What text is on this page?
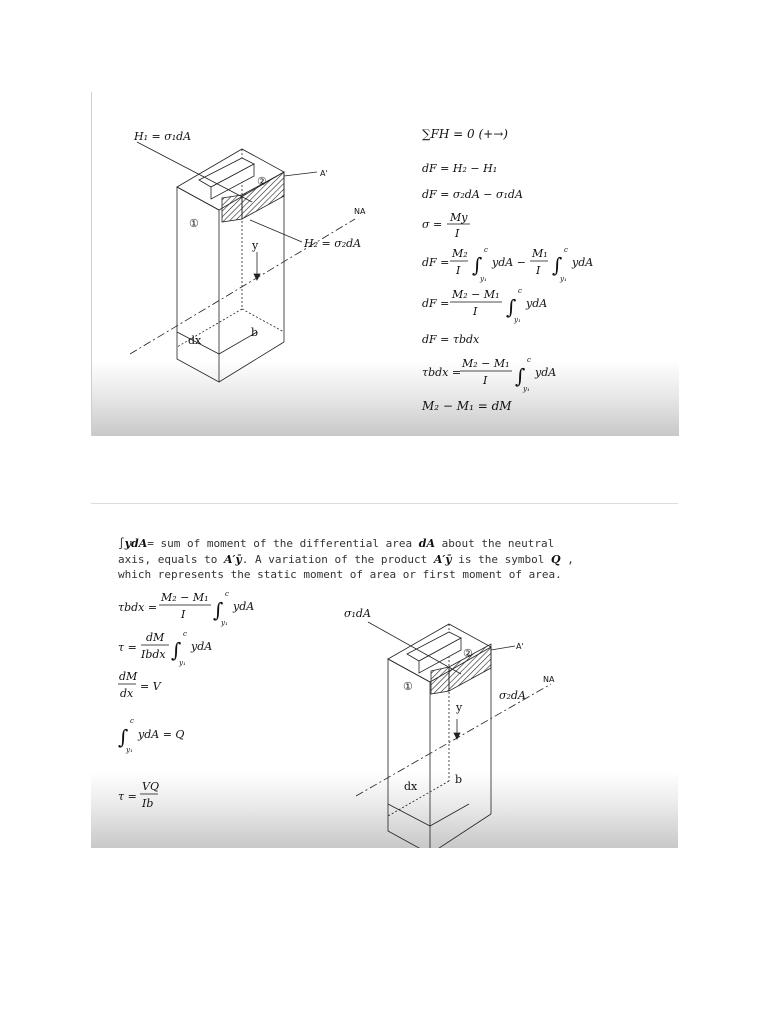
H₁ = σ₁dA
H₂ = σ₂dA
A'
NA
①
②
y
dx
b
∑FH = 0 (+→)
dF = H₂ − H₁
dF = σ₂dA − σ₁dA
σ =
My
I
dF =
M₂
I ∫
c
y₁
ydA −
M₁
I ∫
c
y₁
ydA
dF =
M₂ − M₁
I ∫
c
y₁
ydA
dF = τbdx
τbdx =
M₂ − M₁
I ∫
c
y₁
ydA
M₂ − M₁ = dM
∫ydA= sum of moment of the differential area dA about the neutral
axis, equals to A′ȳ. A variation of the product A′ȳ is the symbol Q ,
which represents the static moment of area or first moment of area.
τbdx =
M₂ − M₁
I ∫
c
y₁
ydA
τ =
dM
Ibdx ∫
c
y₁
ydA
dM
dx
= V
∫
c
y₁
ydA = Q
τ =
VQ
Ib
σ₁dA
σ₂dA
A'
NA
①
②
y
dx
b
